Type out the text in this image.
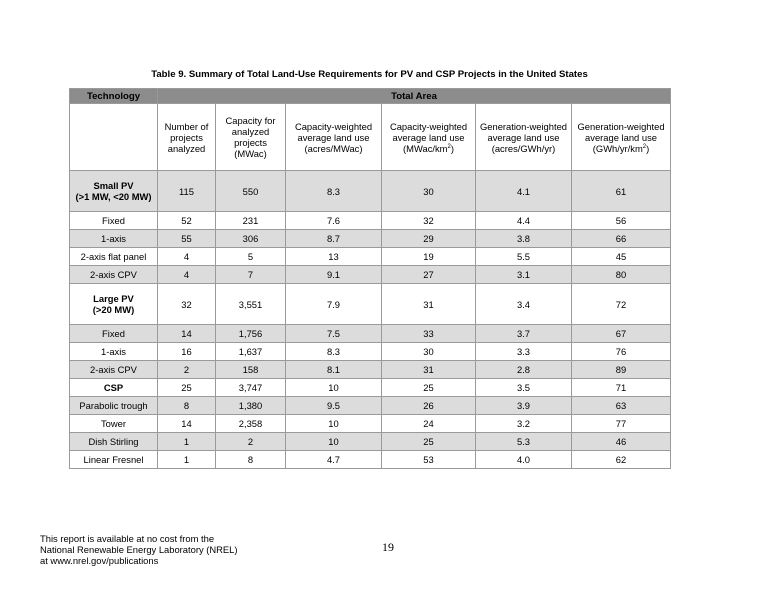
Table 9. Summary of Total Land-Use Requirements for PV and CSP Projects in the United States
Technology	Total Area					
	Number of projects analyzed	Capacity for analyzed projects (MWac)	Capacity-weighted average land use (acres/MWac)	Capacity-weighted average land use $(MWac/km^2)$	Generation-weighted average land use (acres/GWh/yr)	Generation-weighted average land use $(GWh/yr/km^2)$

Small PV
(>1 MW, <20 MW)	115	550	8.3	30	4.1	61

Fixed	52	231	7.6	32	4.4	56

1-axis	55	306	8.7	29	3.8	66

2-axis flat panel	4	5	13	19	5.5	45

2-axis CPV	4	7	9.1	27	3.1	80

Large PV
(>20 MW)	32	3,551	7.9	31	3.4	72

Fixed	14	1,756	7.5	33	3.7	67

1-axis	16	1,637	8.3	30	3.3	76

2-axis CPV	2	158	8.1	31	2.8	89

CSP	25	3,747	10	25	3.5	71

Parabolic trough	8	1,380	9.5	26	3.9	63

Tower	14	2,358	10	24	3.2	77

Dish Stirling	1	2	10	25	5.3	46

Linear Fresnel	1	8	4.7	53	4.0	62
This report is available at no cost from the
National Renewable Energy Laboratory (NREL)
at www.nrel.gov/publications
19
